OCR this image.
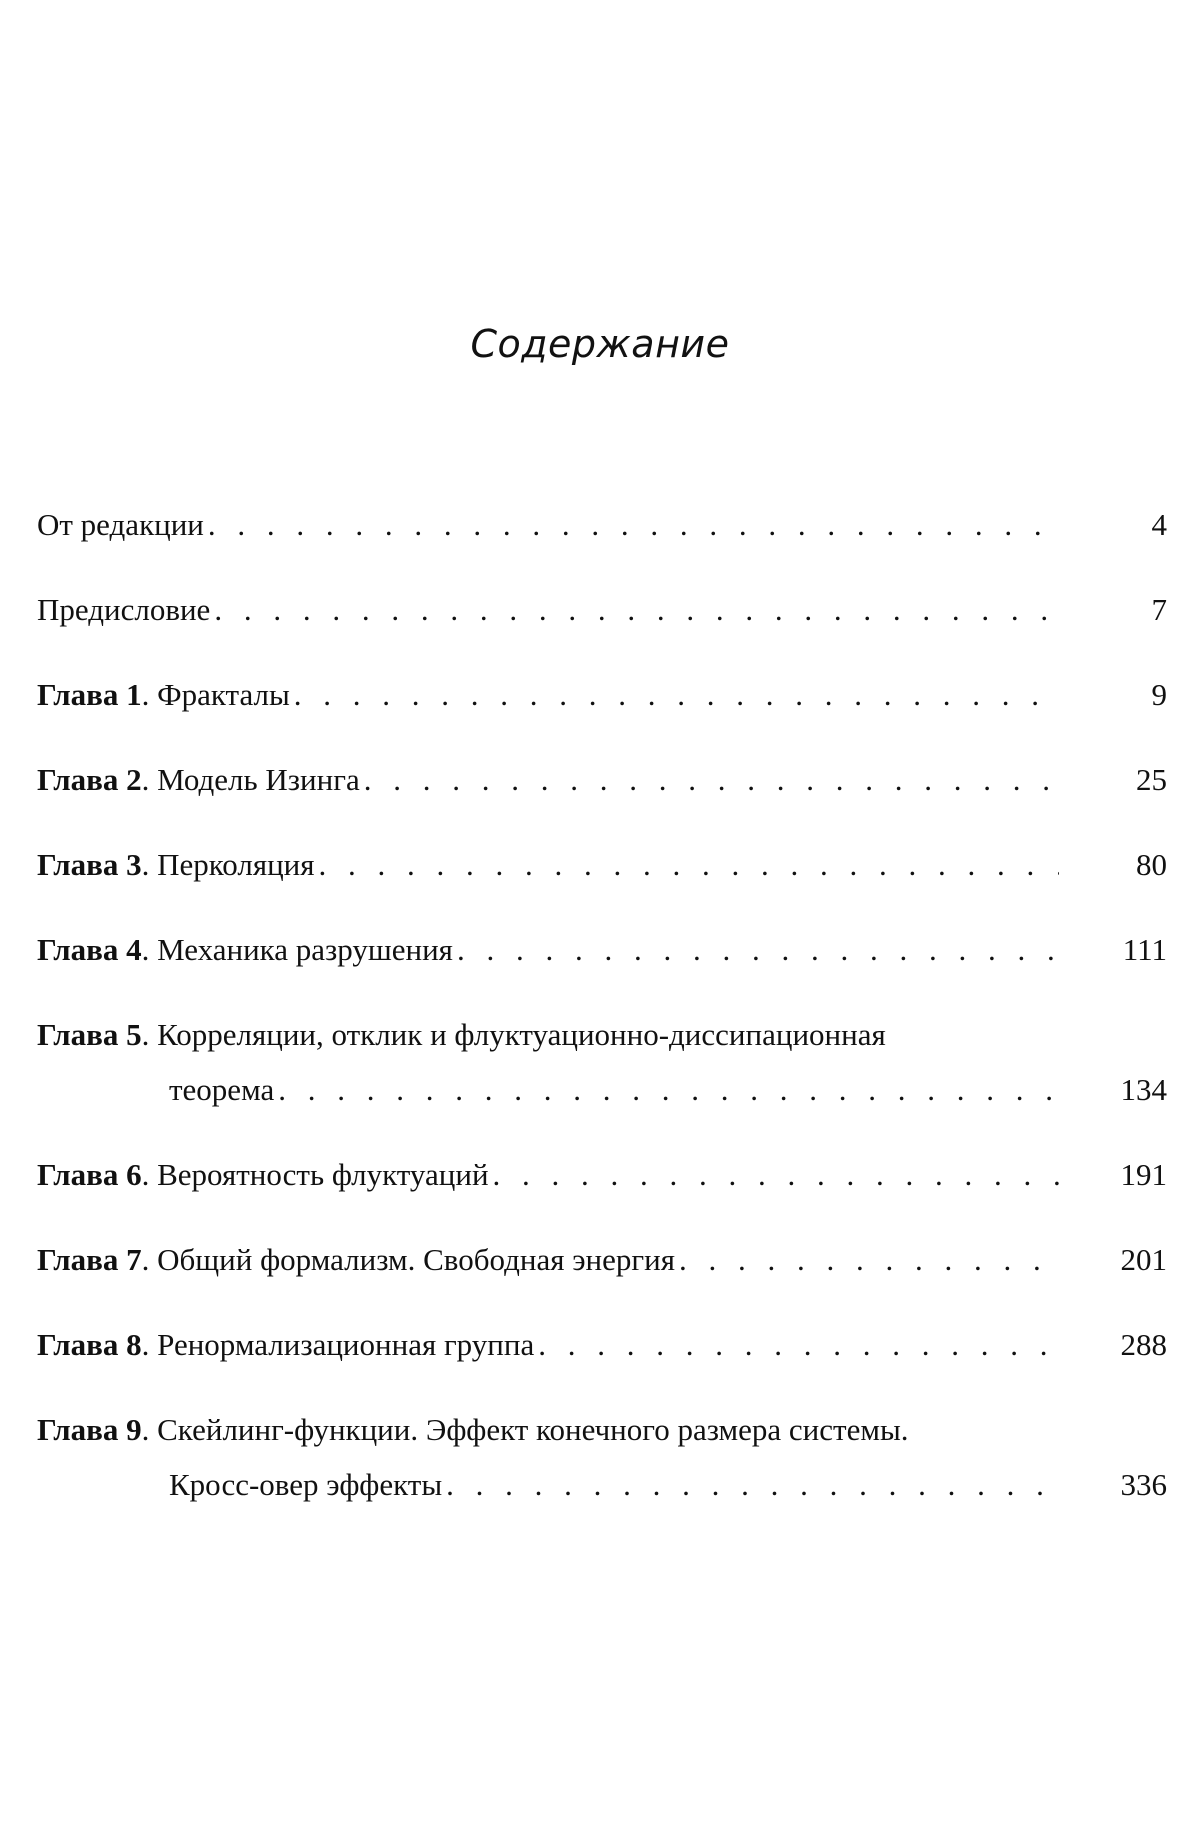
Содержание
От редакции . . .	4
Предисловие . . .	7
Глава 1. Фракталы . . .	9
Глава 2. Модель Изинга . . .	25
Глава 3. Перколяция . . .	80
Глава 4. Механика разрушения . . .	111
Глава 5. Корреляции, отклик и флуктуационно-диссипационная
теорема . . .	134
Глава 6. Вероятность флуктуаций . . .	191
Глава 7. Общий формализм. Свободная энергия . . .	201
Глава 8. Ренормализационная группа . . .	288
Глава 9. Скейлинг-функции. Эффект конечного размера системы.
Кросс-овер эффекты . . .	336
